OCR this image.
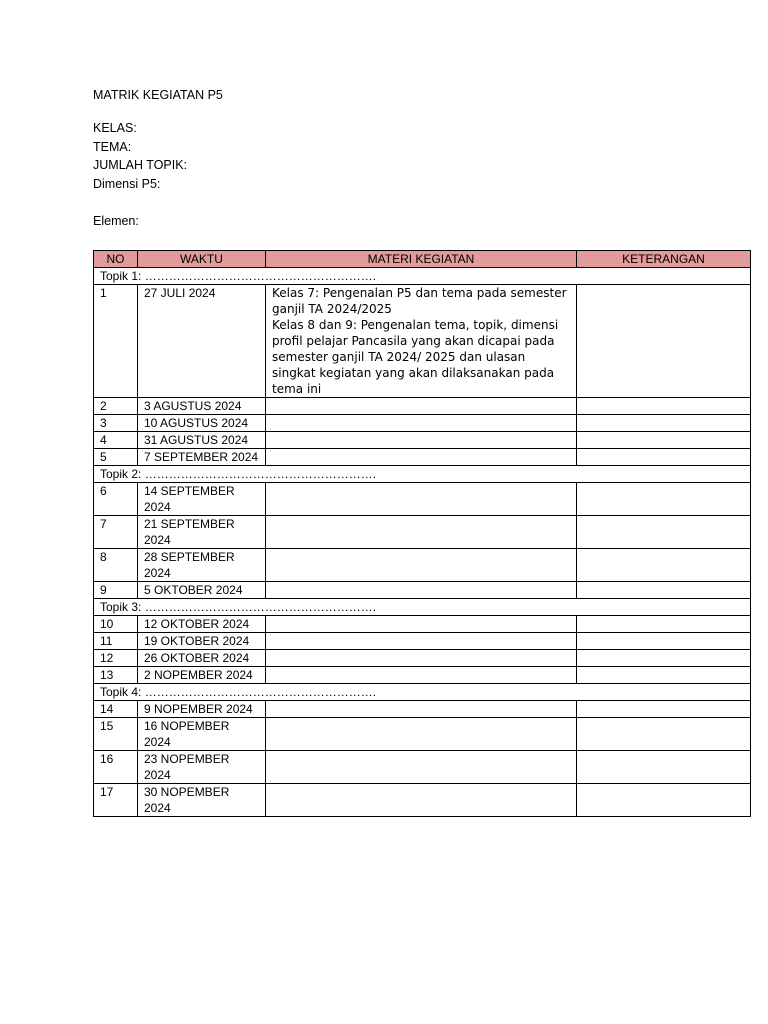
MATRIK KEGIATAN P5
KELAS:
TEMA:
JUMLAH TOPIK:
Dimensi P5:
Elemen:
NO	WAKTU	MATERI KEGIATAN	KETERANGAN
Topik 1: ………………………………………………….			
1	27 JULI 2024	Kelas 7: Pengenalan P5 dan tema pada semester ganjil TA 2024/2025

Kelas 8 dan 9: Pengenalan tema, topik, dimensi profil pelajar Pancasila yang akan dicapai pada semester ganjil TA 2024/ 2025 dan ulasan singkat kegiatan yang akan dilaksanakan pada tema ini	

2	3 AGUSTUS 2024		
3	10 AGUSTUS 2024		
4	31 AGUSTUS 2024		
5	7 SEPTEMBER 2024		
Topik 2: ………………………………………………….			
6	14 SEPTEMBER 2024		
7	21 SEPTEMBER 2024		
8	28 SEPTEMBER 2024		
9	5 OKTOBER 2024		
Topik 3: ………………………………………………….			
10	12 OKTOBER 2024		
11	19 OKTOBER 2024		
12	26 OKTOBER 2024		
13	2 NOPEMBER 2024		
Topik 4: ………………………………………………….			
14	9 NOPEMBER 2024		
15	16 NOPEMBER 2024		
16	23 NOPEMBER 2024		
17	30 NOPEMBER 2024		
